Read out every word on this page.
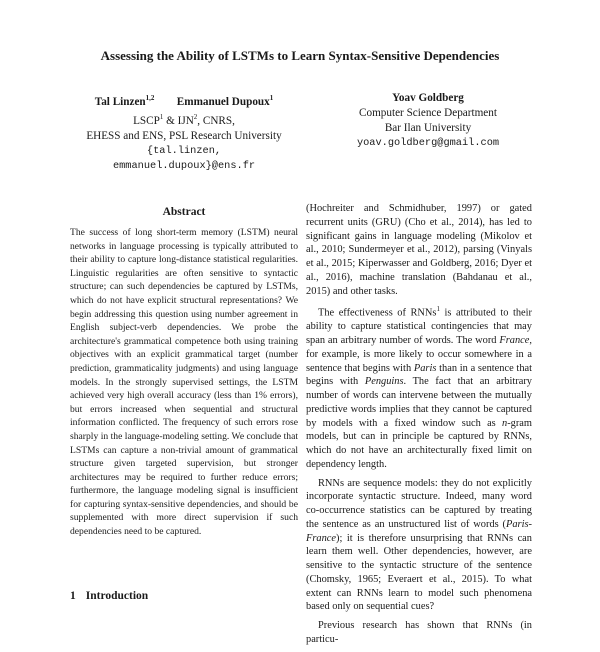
Assessing the Ability of LSTMs to Learn Syntax-Sensitive Dependencies
Tal Linzen$^{1,2}$ Emmanuel Dupoux$^1$
LSCP$^1$ & IJN$^2$, CNRS,
EHESS and ENS, PSL Research University
{tal.linzen,
emmanuel.dupoux}@ens.fr
Yoav Goldberg
Computer Science Department
Bar Ilan University
yoav.goldberg@gmail.com
Abstract
The success of long short-term memory (LSTM) neural networks in language processing is typically attributed to their ability to capture long-distance statistical regularities. Linguistic regularities are often sensitive to syntactic structure; can such dependencies be captured by LSTMs, which do not have explicit structural representations? We begin addressing this question using number agreement in English subject-verb dependencies. We probe the architecture's grammatical competence both using training objectives with an explicit grammatical target (number prediction, grammaticality judgments) and using language models. In the strongly supervised settings, the LSTM achieved very high overall accuracy (less than 1% errors), but errors increased when sequential and structural information conflicted. The frequency of such errors rose sharply in the language-modeling setting. We conclude that LSTMs can capture a non-trivial amount of grammatical structure given targeted supervision, but stronger architectures may be required to further reduce errors; furthermore, the language modeling signal is insufficient for capturing syntax-sensitive dependencies, and should be supplemented with more direct supervision if such dependencies need to be captured.

(Hochreiter and Schmidhuber, 1997) or gated recurrent units (GRU) (Cho et al., 2014), has led to significant gains in language modeling (Mikolov et al., 2010; Sundermeyer et al., 2012), parsing (Vinyals et al., 2015; Kiperwasser and Goldberg, 2016; Dyer et al., 2016), machine translation (Bahdanau et al., 2015) and other tasks.

The effectiveness of RNNs$^1$ is attributed to their ability to capture statistical contingencies that may span an arbitrary number of words. The word France, for example, is more likely to occur somewhere in a sentence that begins with Paris than in a sentence that begins with Penguins. The fact that an arbitrary number of words can intervene between the mutually predictive words implies that they cannot be captured by models with a fixed window such as n-gram models, but can in principle be captured by RNNs, which do not have an architecturally fixed limit on dependency length.

RNNs are sequence models: they do not explicitly incorporate syntactic structure. Indeed, many word co-occurrence statistics can be captured by treating the sentence as an unstructured list of words (Paris-France); it is therefore unsurprising that RNNs can learn them well. Other dependencies, however, are sensitive to the syntactic structure of the sentence (Chomsky, 1965; Everaert et al., 2015). To what extent can RNNs learn to model such phenomena based only on sequential cues?

Previous research has shown that RNNs (in particu-

1 Introduction
